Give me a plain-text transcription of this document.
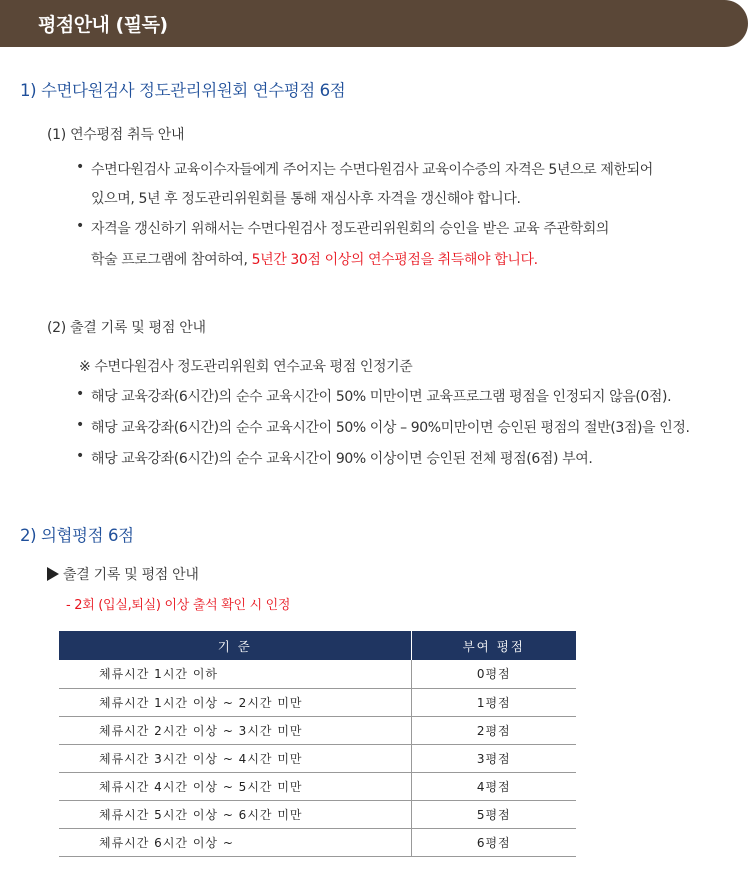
평점안내 (필독)
1) 수면다원검사 정도관리위원회 연수평점 6점
(1) 연수평점 취득 안내
• 수면다원검사 교육이수자들에게 주어지는 수면다원검사 교육이수증의 자격은 5년으로 제한되어
있으며, 5년 후 정도관리위원회를 통해 재심사후 자격을 갱신해야 합니다.
• 자격을 갱신하기 위해서는 수면다원검사 정도관리위원회의 승인을 받은 교육 주관학회의
학술 프로그램에 참여하여, 5년간 30점 이상의 연수평점을 취득해야 합니다.
(2) 출결 기록 및 평점 안내
※ 수면다원검사 정도관리위원회 연수교육 평점 인정기준
• 해당 교육강좌(6시간)의 순수 교육시간이 50% 미만이면 교육프로그램 평점을 인정되지 않음(0점).
• 해당 교육강좌(6시간)의 순수 교육시간이 50% 이상 – 90%미만이면 승인된 평점의 절반(3점)을 인정.
• 해당 교육강좌(6시간)의 순수 교육시간이 90% 이상이면 승인된 전체 평점(6점) 부여.
2) 의협평점 6점
출결 기록 및 평점 안내
- 2회 (입실,퇴실) 이상 출석 확인 시 인정
기 준	부여 평점
체류시간 1시간 이하	0평점
체류시간 1시간 이상 ~ 2시간 미만	1평점
체류시간 2시간 이상 ~ 3시간 미만	2평점
체류시간 3시간 이상 ~ 4시간 미만	3평점
체류시간 4시간 이상 ~ 5시간 미만	4평점
체류시간 5시간 이상 ~ 6시간 미만	5평점
체류시간 6시간 이상 ~	6평점
